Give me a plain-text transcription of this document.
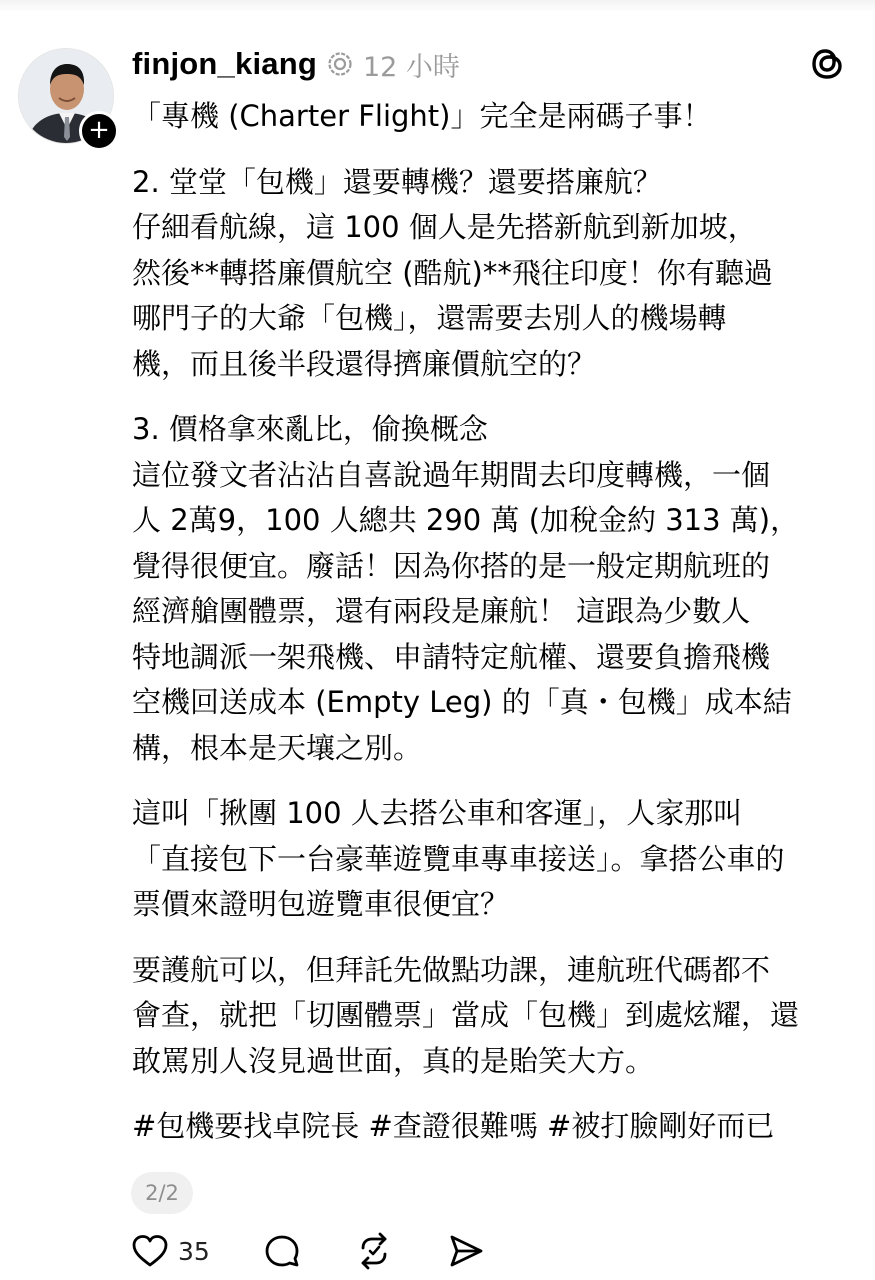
+
finjon_kiang 12 小時
「專機 (Charter Flight)」完全是兩碼子事！
2. 堂堂「包機」還要轉機？還要搭廉航？
仔細看航線，這 100 個人是先搭新航到新加坡，
然後**轉搭廉價航空 (酷航)**飛往印度！你有聽過
哪門子的大爺「包機」，還需要去別人的機場轉
機，而且後半段還得擠廉價航空的？
3. 價格拿來亂比，偷換概念
這位發文者沾沾自喜說過年期間去印度轉機，一個
人 2萬9，100 人總共 290 萬 (加稅金約 313 萬)，
覺得很便宜。廢話！因為你搭的是一般定期航班的
經濟艙團體票，還有兩段是廉航！ 這跟為少數人
特地調派一架飛機、申請特定航權、還要負擔飛機
空機回送成本 (Empty Leg) 的「真・包機」成本結
構，根本是天壤之別。
這叫「揪團 100 人去搭公車和客運」，人家那叫
「直接包下一台豪華遊覽車專車接送」。拿搭公車的
票價來證明包遊覽車很便宜？
要護航可以，但拜託先做點功課，連航班代碼都不
會查，就把「切團體票」當成「包機」到處炫耀，還
敢罵別人沒見過世面，真的是貽笑大方。
#包機要找卓院長 #查證很難嗎 #被打臉剛好而已
2/2
35
